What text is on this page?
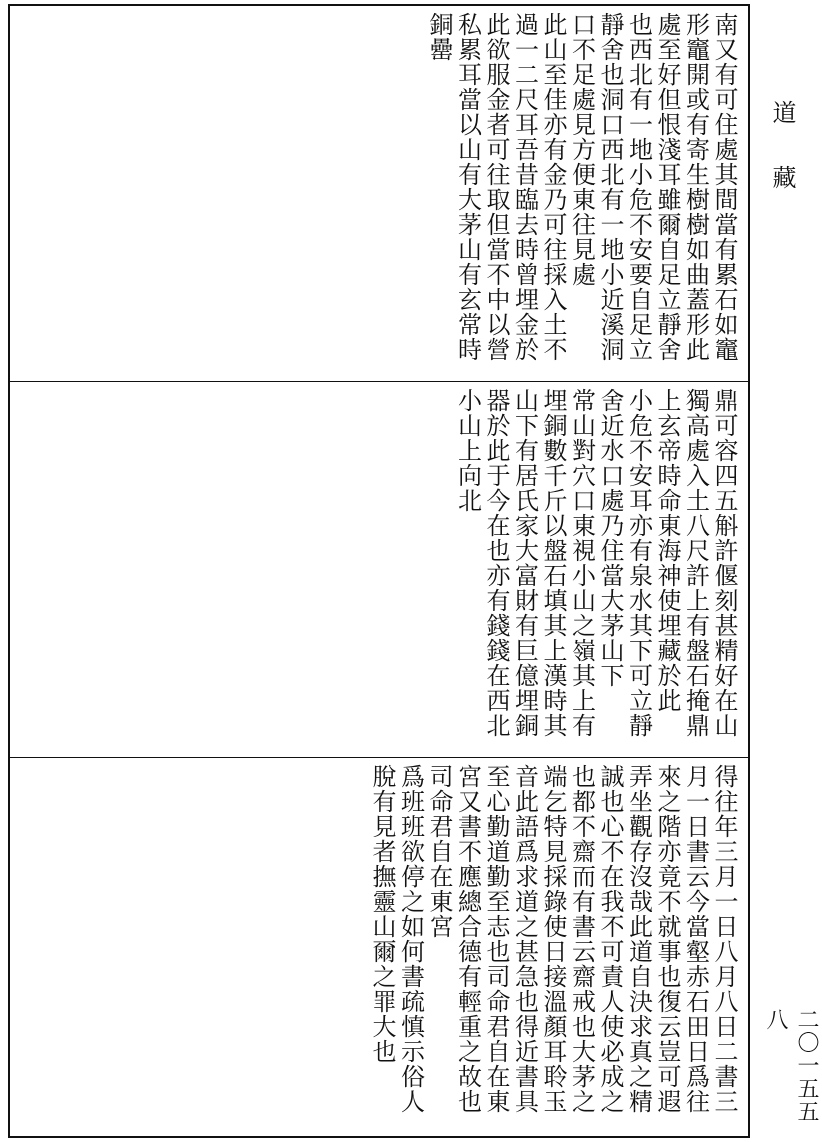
道
藏
二〇一五五八
南又有可住處其間當有累石如竈形竈開或有寄生樹樹如曲蓋形此處至好但恨淺耳雖爾自足立靜舍也西北有一地小危不安要自足立靜舍也洞口西北有一地小近溪洞口不足處見方便東往見處
此山至佳亦有金乃可往採入土不過一二尺耳吾昔臨去時曾埋金於此欲服金者可往取但當不中以營私累耳當以山有大茅山有玄常時銅罍
鼎可容四五斛許偃刻甚精好在山獨高處入土八尺許上有盤石掩鼎上玄帝時命東海神使埋藏於此
小危不安耳亦有泉水其下可立靜舍近水口處乃住當大茅山下
常山對穴口東視小山之嶺其上有埋銅數千斤以盤石填其上漢時其山下有居氏家大富財有巨億埋銅器於此于今在也亦有錢錢在西北小山上向北
得往年三月一日八月八日二書三月一日書云今當壑赤石田日爲往來之階亦竟不就事也復云豈可遐弄坐觀存沒哉此道自決求真之精誠也心不在我不可責人使必成之也都不齋而有書云齋戒也大茅之端乞特見採錄使日接溫顏耳聆玉音此語爲求道之甚急也得近書具至心勤道勤至志也司命君自在東宮又書不應總合德有輕重之故也司命君自在東宮
爲班班欲停之如何書疏慎示俗人脫有見者撫靈山爾之罪大也
